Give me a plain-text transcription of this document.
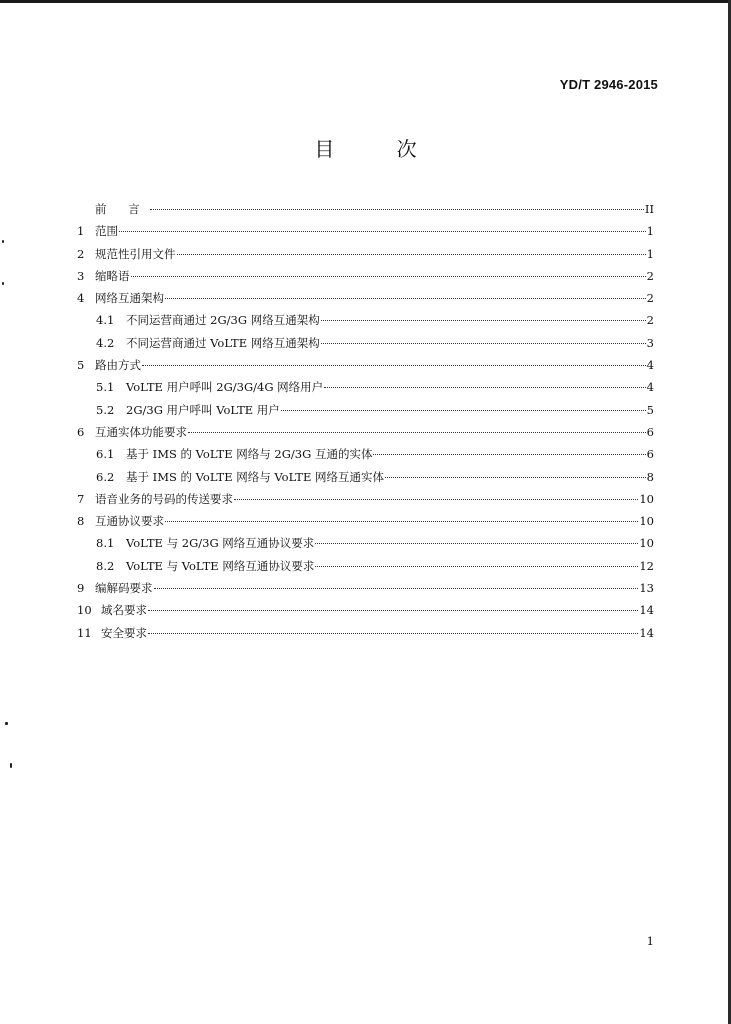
YD/T 2946-2015
目 次
前 言	II
1 范围	1
2 规范性引用文件	1
3 缩略语	2
4 网络互通架构	2
4.1	不同运营商通过 2G/3G 网络互通架构	2
4.2	不同运营商通过 VoLTE 网络互通架构	3
5 路由方式	4
5.1	VoLTE 用户呼叫 2G/3G/4G 网络用户	4
5.2	2G/3G 用户呼叫 VoLTE 用户	5
6 互通实体功能要求	6
6.1	基于 IMS 的 VoLTE 网络与 2G/3G 互通的实体	6
6.2	基于 IMS 的 VoLTE 网络与 VoLTE 网络互通实体	8
7 语音业务的号码的传送要求	10
8 互通协议要求	10
8.1	VoLTE 与 2G/3G 网络互通协议要求	10
8.2	VoLTE 与 VoLTE 网络互通协议要求	12
9 编解码要求	13
10 域名要求	14
11 安全要求	14
1
